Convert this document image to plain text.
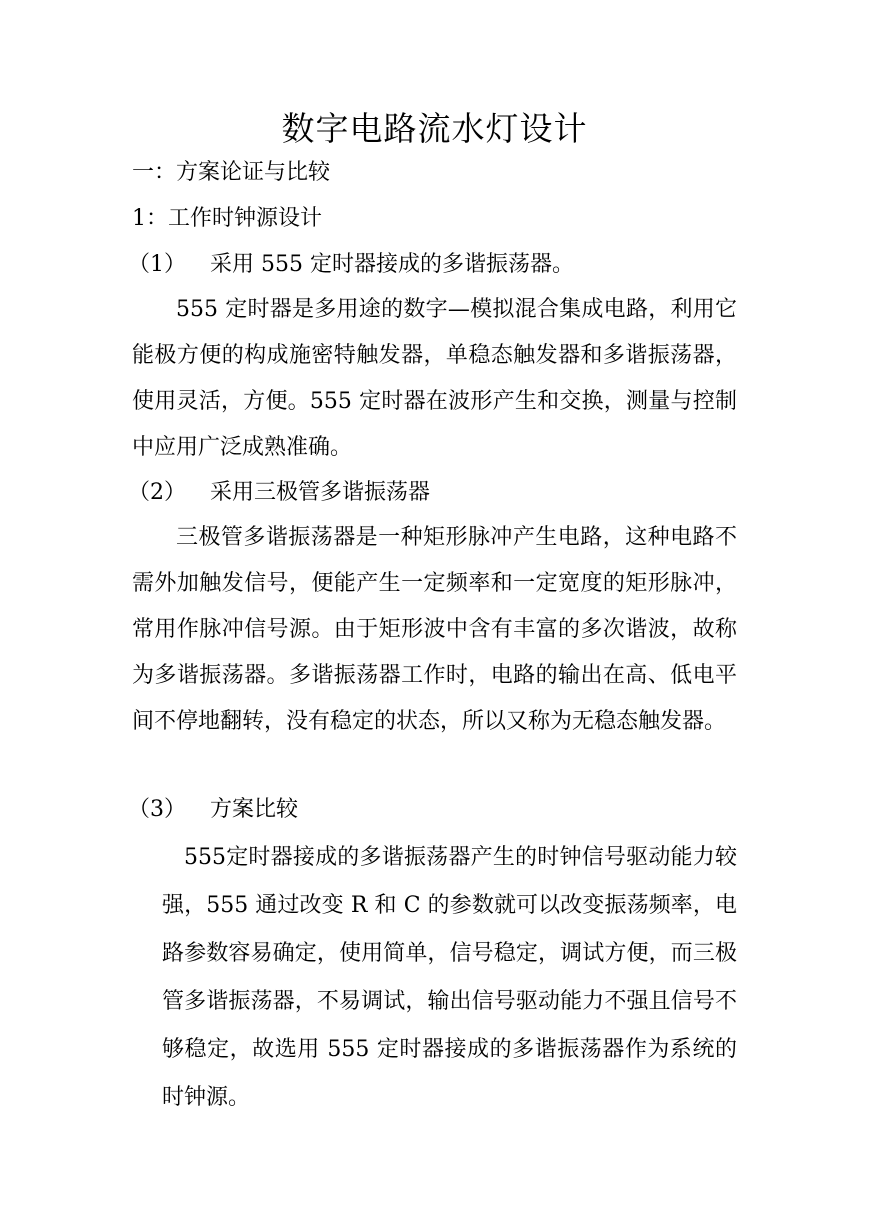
数字电路流水灯设计
一：方案论证与比较
1：工作时钟源设计
（1） 采用 555 定时器接成的多谐振荡器。
555 定时器是多用途的数字—模拟混合集成电路，利用它能极方便的构成施密特触发器，单稳态触发器和多谐振荡器，使用灵活，方便。555 定时器在波形产生和交换，测量与控制中应用广泛成熟准确。
（2） 采用三极管多谐振荡器
三极管多谐振荡器是一种矩形脉冲产生电路，这种电路不需外加触发信号，便能产生一定频率和一定宽度的矩形脉冲，常用作脉冲信号源。由于矩形波中含有丰富的多次谐波，故称为多谐振荡器。多谐振荡器工作时，电路的输出在高、低电平间不停地翻转，没有稳定的状态，所以又称为无稳态触发器。
（3） 方案比较
555定时器接成的多谐振荡器产生的时钟信号驱动能力较强，555 通过改变 R 和 C 的参数就可以改变振荡频率，电路参数容易确定，使用简单，信号稳定，调试方便，而三极管多谐振荡器，不易调试，输出信号驱动能力不强且信号不够稳定，故选用 555 定时器接成的多谐振荡器作为系统的时钟源。
